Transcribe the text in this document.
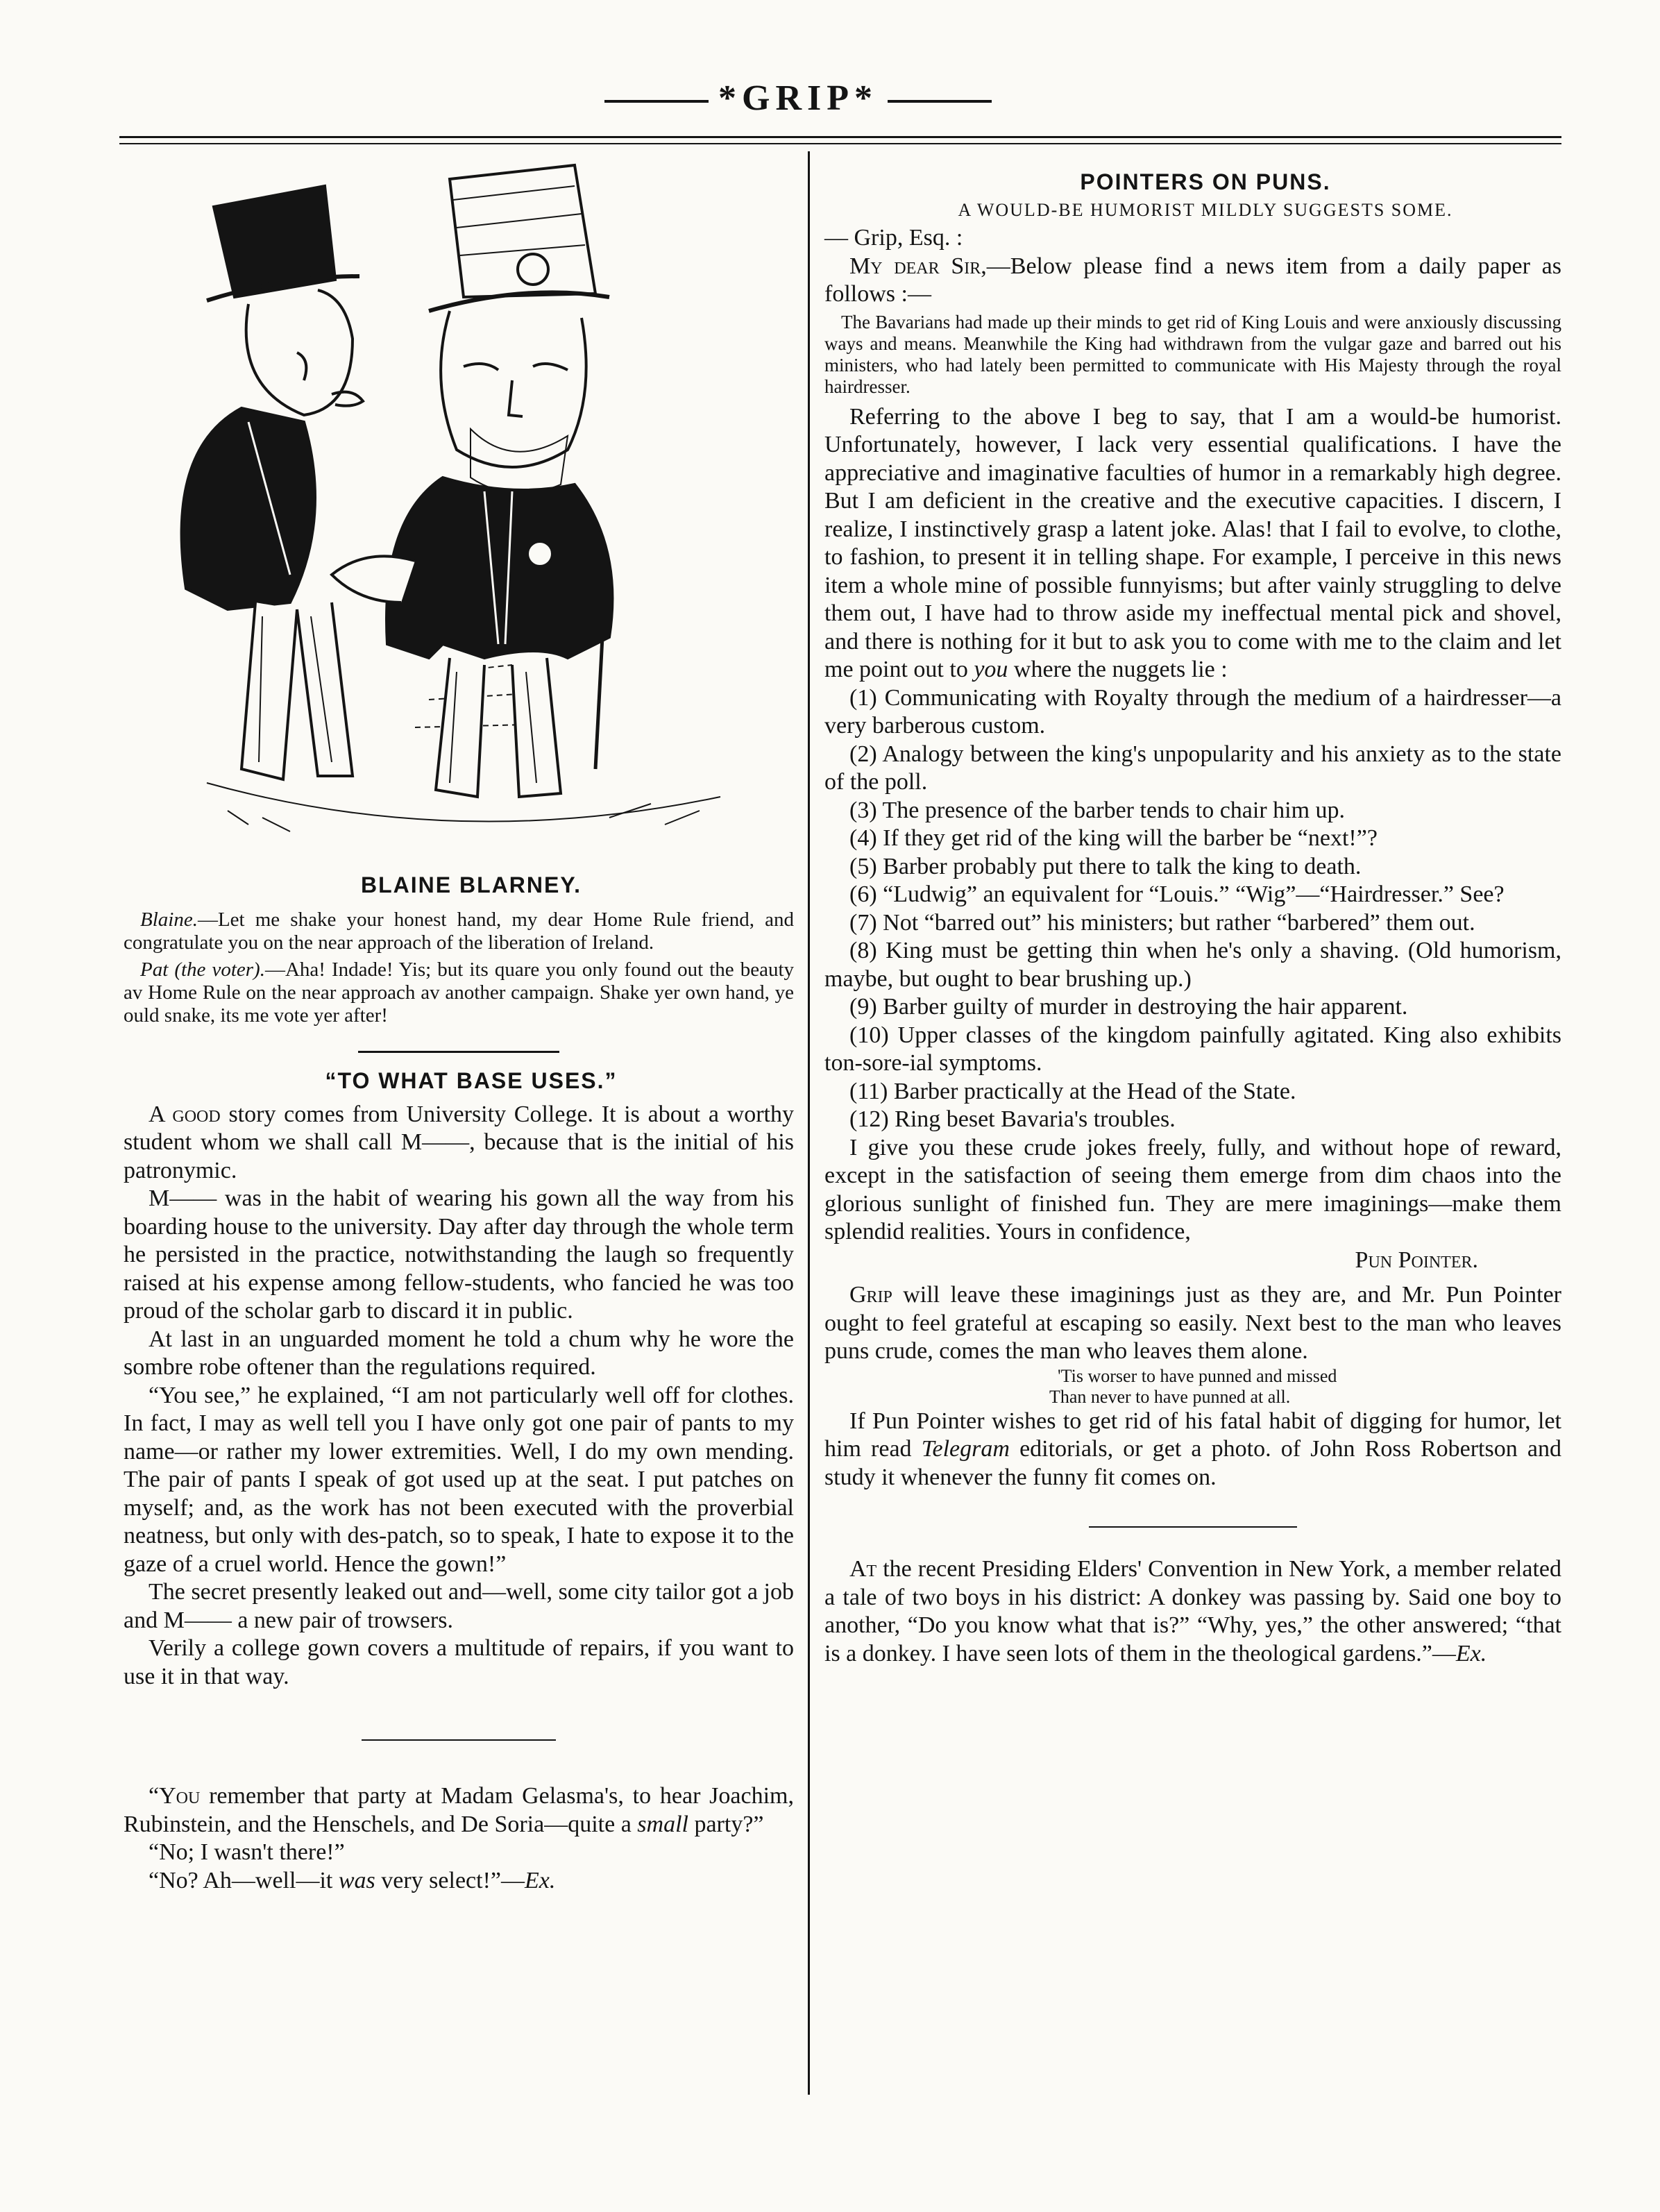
*GRIP*

BLAINE BLARNEY.

Blaine.—Let me shake your honest hand, my dear Home Rule friend, and congratulate you on the near approach of the liberation of Ireland.

Pat (the voter).—Aha! Indade! Yis; but its quare you only found out the beauty av Home Rule on the near approach av another campaign. Shake yer own hand, ye ould snake, its me vote yer after!

“TO WHAT BASE USES.”

A good story comes from University College. It is about a worthy student whom we shall call M——, because that is the initial of his patronymic.

M—— was in the habit of wearing his gown all the way from his boarding house to the university. Day after day through the whole term he persisted in the practice, notwithstanding the laugh so frequently raised at his expense among fellow-students, who fancied he was too proud of the scholar garb to discard it in public.

At last in an unguarded moment he told a chum why he wore the sombre robe oftener than the regulations required.

“You see,” he explained, “I am not particularly well off for clothes. In fact, I may as well tell you I have only got one pair of pants to my name—or rather my lower extremities. Well, I do my own mending. The pair of pants I speak of got used up at the seat. I put patches on myself; and, as the work has not been executed with the proverbial neatness, but only with des-patch, so to speak, I hate to expose it to the gaze of a cruel world. Hence the gown!”

The secret presently leaked out and—well, some city tailor got a job and M—— a new pair of trowsers.

Verily a college gown covers a multitude of repairs, if you want to use it in that way.

“You remember that party at Madam Gelasma's, to hear Joachim, Rubinstein, and the Henschels, and De Soria—quite a small party?”

“No; I wasn't there!”

“No? Ah—well—it was very select!”—Ex.

POINTERS ON PUNS.

A WOULD-BE HUMORIST MILDLY SUGGESTS SOME.

— Grip, Esq. :

My dear Sir,—Below please find a news item from a daily paper as follows :—

The Bavarians had made up their minds to get rid of King Louis and were anxiously discussing ways and means. Meanwhile the King had withdrawn from the vulgar gaze and barred out his ministers, who had lately been permitted to communicate with His Majesty through the royal hairdresser.

Referring to the above I beg to say, that I am a would-be humorist. Unfortunately, however, I lack very essential qualifications. I have the appreciative and imaginative faculties of humor in a remarkably high degree. But I am deficient in the creative and the executive capacities. I discern, I realize, I instinctively grasp a latent joke. Alas! that I fail to evolve, to clothe, to fashion, to present it in telling shape. For example, I perceive in this news item a whole mine of possible funnyisms; but after vainly struggling to delve them out, I have had to throw aside my ineffectual mental pick and shovel, and there is nothing for it but to ask you to come with me to the claim and let me point out to you where the nuggets lie :

(1) Communicating with Royalty through the medium of a hairdresser—a very barberous custom.

(2) Analogy between the king's unpopularity and his anxiety as to the state of the poll.

(3) The presence of the barber tends to chair him up.

(4) If they get rid of the king will the barber be “next!”?

(5) Barber probably put there to talk the king to death.

(6) “Ludwig” an equivalent for “Louis.” “Wig”—“Hairdresser.” See?

(7) Not “barred out” his ministers; but rather “barbered” them out.

(8) King must be getting thin when he's only a shaving. (Old humorism, maybe, but ought to bear brushing up.)

(9) Barber guilty of murder in destroying the hair apparent.

(10) Upper classes of the kingdom painfully agitated. King also exhibits ton-sore-ial symptoms.

(11) Barber practically at the Head of the State.

(12) Ring beset Bavaria's troubles.

I give you these crude jokes freely, fully, and without hope of reward, except in the satisfaction of seeing them emerge from dim chaos into the glorious sunlight of finished fun. They are mere imaginings—make them splendid realities. Yours in confidence,

Pun Pointer.

Grip will leave these imaginings just as they are, and Mr. Pun Pointer ought to feel grateful at escaping so easily. Next best to the man who leaves puns crude, comes the man who leaves them alone.

'Tis worser to have punned and missed
Than never to have punned at all.

If Pun Pointer wishes to get rid of his fatal habit of digging for humor, let him read Telegram editorials, or get a photo. of John Ross Robertson and study it whenever the funny fit comes on.

At the recent Presiding Elders' Convention in New York, a member related a tale of two boys in his district: A donkey was passing by. Said one boy to another, “Do you know what that is?” “Why, yes,” the other answered; “that is a donkey. I have seen lots of them in the theological gardens.”—Ex.
